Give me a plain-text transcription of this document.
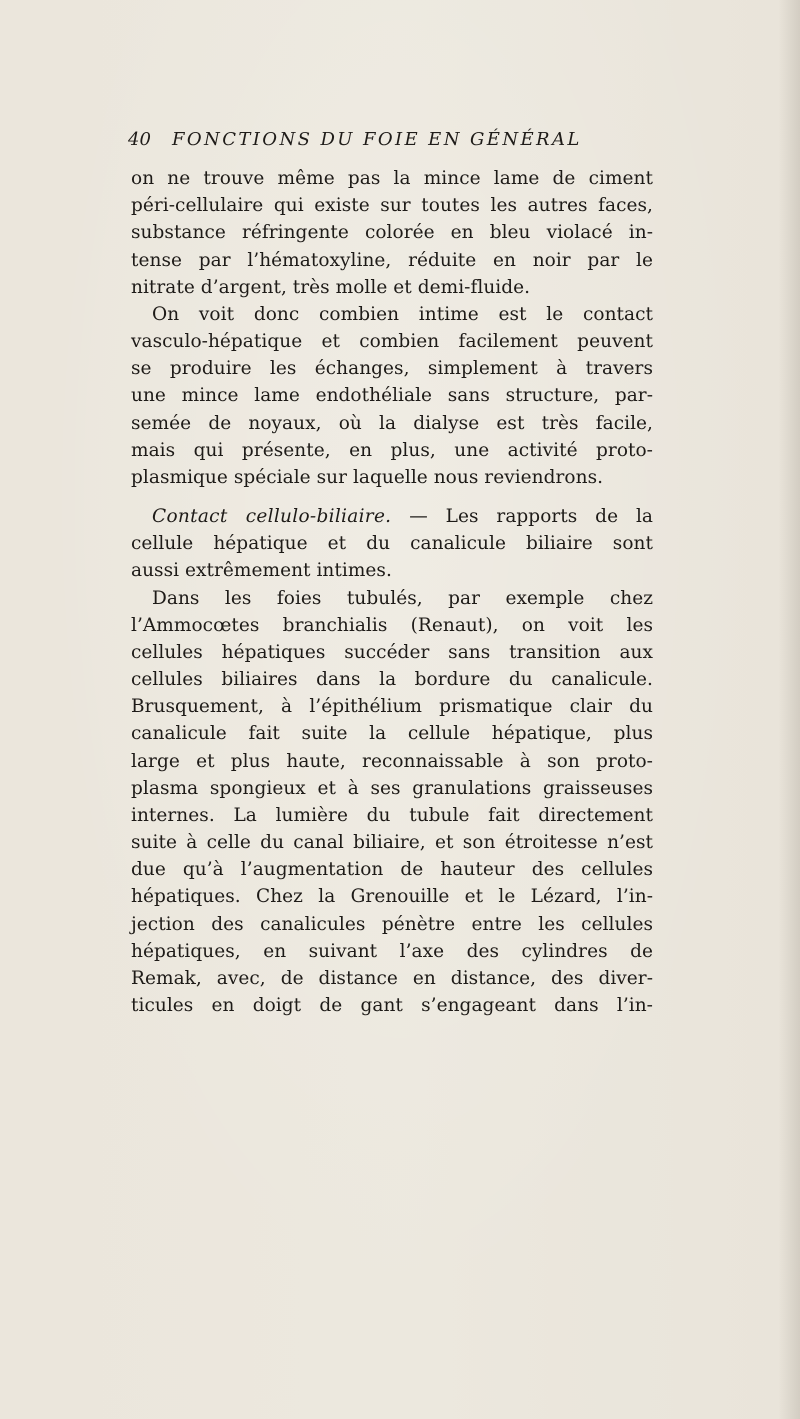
40 FONCTIONS DU FOIE EN GÉNÉRAL
on ne trouve même pas la mince lame de ciment
péri-cellulaire qui existe sur toutes les autres faces,
substance réfringente colorée en bleu violacé in-
tense par l’hématoxyline, réduite en noir par le
nitrate d’argent, très molle et demi-fluide.
On voit donc combien intime est le contact
vasculo-hépatique et combien facilement peuvent
se produire les échanges, simplement à travers
une mince lame endothéliale sans structure, par-
semée de noyaux, où la dialyse est très facile,
mais qui présente, en plus, une activité proto-
plasmique spéciale sur laquelle nous reviendrons.
Contact cellulo-biliaire. — Les rapports de la
cellule hépatique et du canalicule biliaire sont
aussi extrêmement intimes.
Dans les foies tubulés, par exemple chez
l’Ammocœtes branchialis (Renaut), on voit les
cellules hépatiques succéder sans transition aux
cellules biliaires dans la bordure du canalicule.
Brusquement, à l’épithélium prismatique clair du
canalicule fait suite la cellule hépatique, plus
large et plus haute, reconnaissable à son proto-
plasma spongieux et à ses granulations graisseuses
internes. La lumière du tubule fait directement
suite à celle du canal biliaire, et son étroitesse n’est
due qu’à l’augmentation de hauteur des cellules
hépatiques. Chez la Grenouille et le Lézard, l’in-
jection des canalicules pénètre entre les cellules
hépatiques, en suivant l’axe des cylindres de
Remak, avec, de distance en distance, des diver-
ticules en doigt de gant s’engageant dans l’in-
